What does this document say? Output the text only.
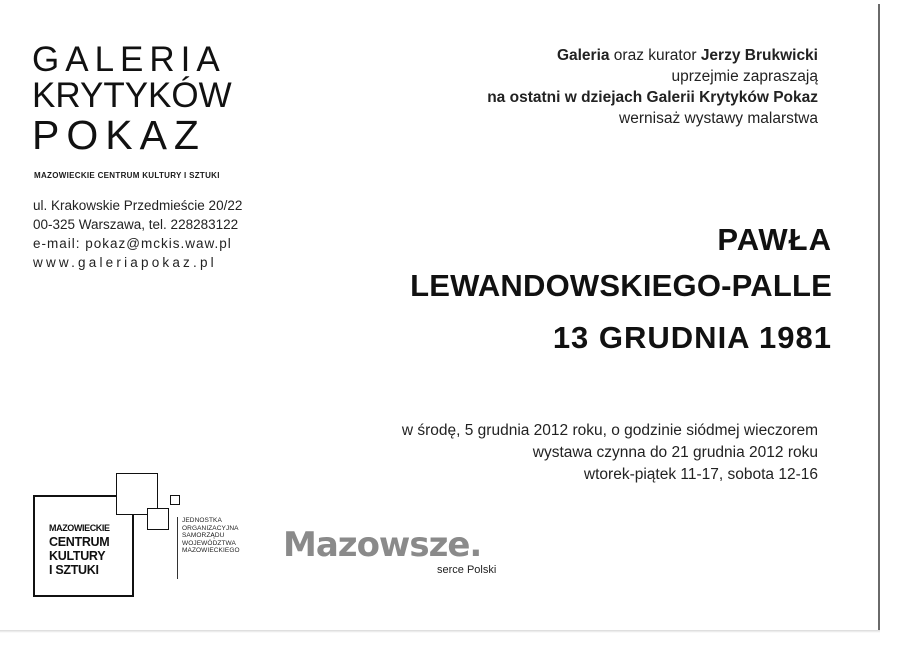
GALERIA
KRYTYKÓW
POKAZ
MAZOWIECKIE CENTRUM KULTURY I SZTUKI
ul. Krakowskie Przedmieście 20/22
00-325 Warszawa, tel. 228283122
e-mail: pokaz@mckis.waw.pl
www.galeriapokaz.pl
Galeria oraz kurator Jerzy Brukwicki
uprzejmie zapraszają
na ostatni w dziejach Galerii Krytyków Pokaz
wernisaż wystawy malarstwa
PAWŁA
LEWANDOWSKIEGO-PALLE
13 GRUDNIA 1981
w środę, 5 grudnia 2012 roku, o godzinie siódmej wieczorem
wystawa czynna do 21 grudnia 2012 roku
wtorek-piątek 11-17, sobota 12-16
MAZOWIECKIE
CENTRUM
KULTURY
I SZTUKI
JEDNOSTKA
ORGANIZACYJNA
SAMORZĄDU
WOJEWÓDZTWA
MAZOWIECKIEGO Mazowsze.
serce Polski
